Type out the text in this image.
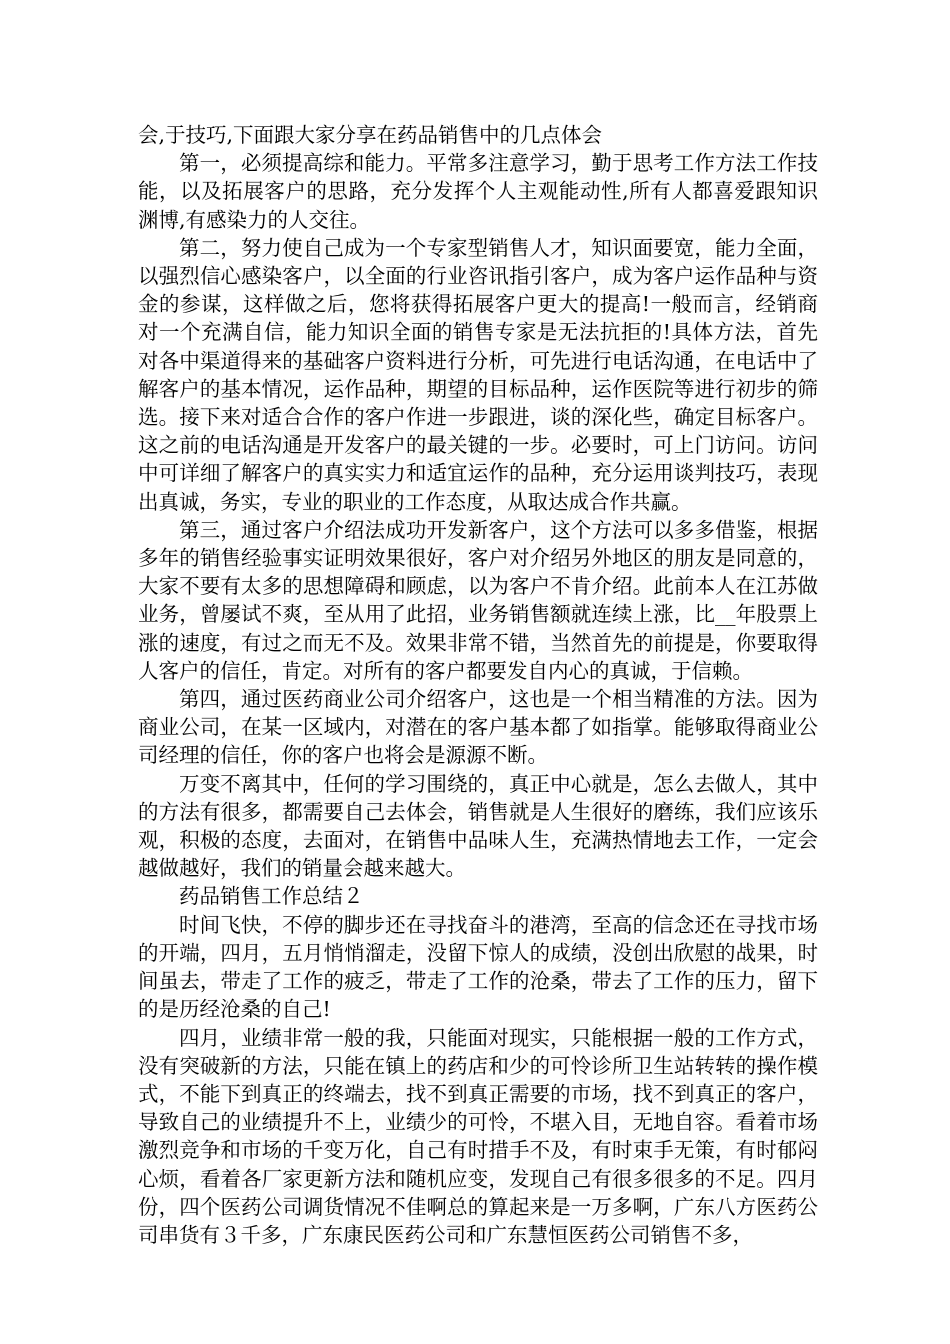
会,于技巧,下面跟大家分享在药品销售中的几点体会

第一，必须提高综和能力。平常多注意学习，勤于思考工作方法工作技能，以及拓展客户的思路，充分发挥个人主观能动性,所有人都喜爱跟知识渊博,有感染力的人交往。

第二，努力使自己成为一个专家型销售人才，知识面要宽，能力全面，以强烈信心感染客户，以全面的行业咨讯指引客户，成为客户运作品种与资金的参谋，这样做之后，您将获得拓展客户更大的提高!一般而言，经销商对一个充满自信，能力知识全面的销售专家是无法抗拒的!具体方法，首先对各中渠道得来的基础客户资料进行分析，可先进行电话沟通，在电话中了解客户的基本情况，运作品种，期望的目标品种，运作医院等进行初步的筛选。接下来对适合合作的客户作进一步跟进，谈的深化些，确定目标客户。这之前的电话沟通是开发客户的最关键的一步。必要时，可上门访问。访问中可详细了解客户的真实实力和适宜运作的品种，充分运用谈判技巧，表现出真诚，务实，专业的职业的工作态度，从取达成合作共赢。

第三，通过客户介绍法成功开发新客户，这个方法可以多多借鉴，根据多年的销售经验事实证明效果很好，客户对介绍另外地区的朋友是同意的，大家不要有太多的思想障碍和顾虑，以为客户不肯介绍。此前本人在江苏做业务，曾屡试不爽，至从用了此招，业务销售额就连续上涨，比__年股票上涨的速度，有过之而无不及。效果非常不错，当然首先的前提是，你要取得人客户的信任，肯定。对所有的客户都要发自内心的真诚，于信赖。

第四，通过医药商业公司介绍客户，这也是一个相当精准的方法。因为商业公司，在某一区域内，对潜在的客户基本都了如指掌。能够取得商业公司经理的信任，你的客户也将会是源源不断。

万变不离其中，任何的学习围绕的，真正中心就是，怎么去做人，其中的方法有很多，都需要自己去体会，销售就是人生很好的磨练，我们应该乐观，积极的态度，去面对，在销售中品味人生，充满热情地去工作，一定会越做越好，我们的销量会越来越大。

药品销售工作总结２

时间飞快，不停的脚步还在寻找奋斗的港湾，至高的信念还在寻找市场的开端，四月，五月悄悄溜走，没留下惊人的成绩，没创出欣慰的战果，时间虽去，带走了工作的疲乏，带走了工作的沧桑，带去了工作的压力，留下的是历经沧桑的自己!

四月，业绩非常一般的我，只能面对现实，只能根据一般的工作方式，没有突破新的方法，只能在镇上的药店和少的可怜诊所卫生站转转的操作模式，不能下到真正的终端去，找不到真正需要的市场，找不到真正的客户，导致自己的业绩提升不上，业绩少的可怜，不堪入目，无地自容。看着市场激烈竞争和市场的千变万化，自己有时措手不及，有时束手无策，有时郁闷心烦，看着各厂家更新方法和随机应变，发现自己有很多很多的不足。四月份，四个医药公司调货情况不佳啊总的算起来是一万多啊，广东八方医药公司串货有３千多，广东康民医药公司和广东慧恒医药公司销售不多，
